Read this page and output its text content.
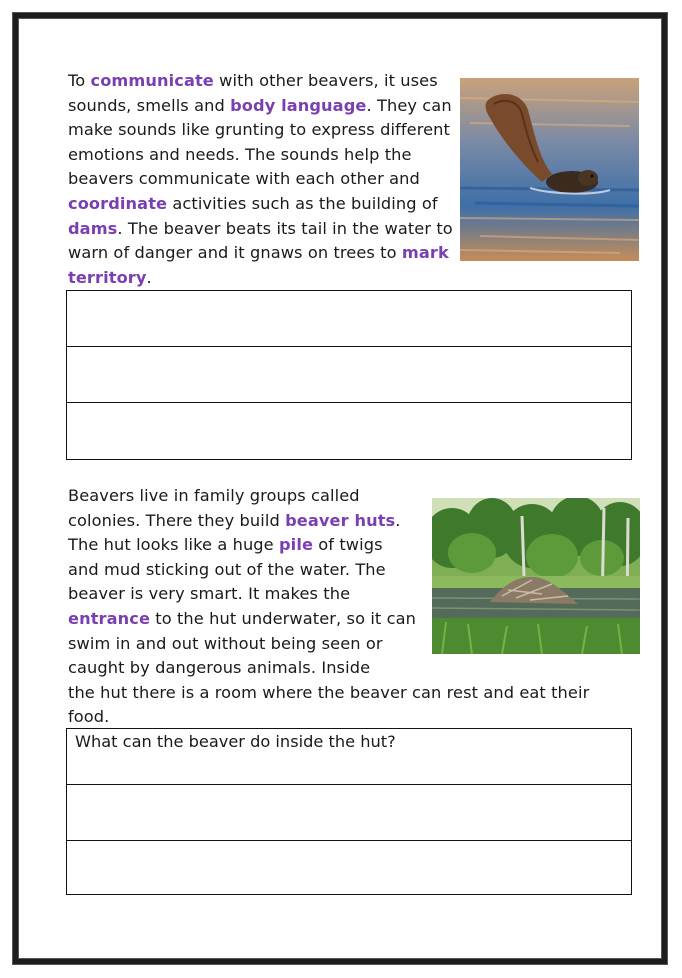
To communicate with other beavers, it uses sounds, smells and body language. They can make sounds like grunting to express different emotions and needs. The sounds help the beavers communicate with each other and coordinate activities such as the building of dams. The beaver beats its tail in the water to warn of danger and it gnaws on trees to mark territory.

Beavers live in family groups called colonies. There they build beaver huts. The hut looks like a huge pile of twigs and mud sticking out of the water. The beaver is very smart. It makes the entrance to the hut underwater, so it can swim in and out without being seen or caught by dangerous animals. Inside
the hut there is a room where the beaver can rest and eat their food.

What can the beaver do inside the hut?
